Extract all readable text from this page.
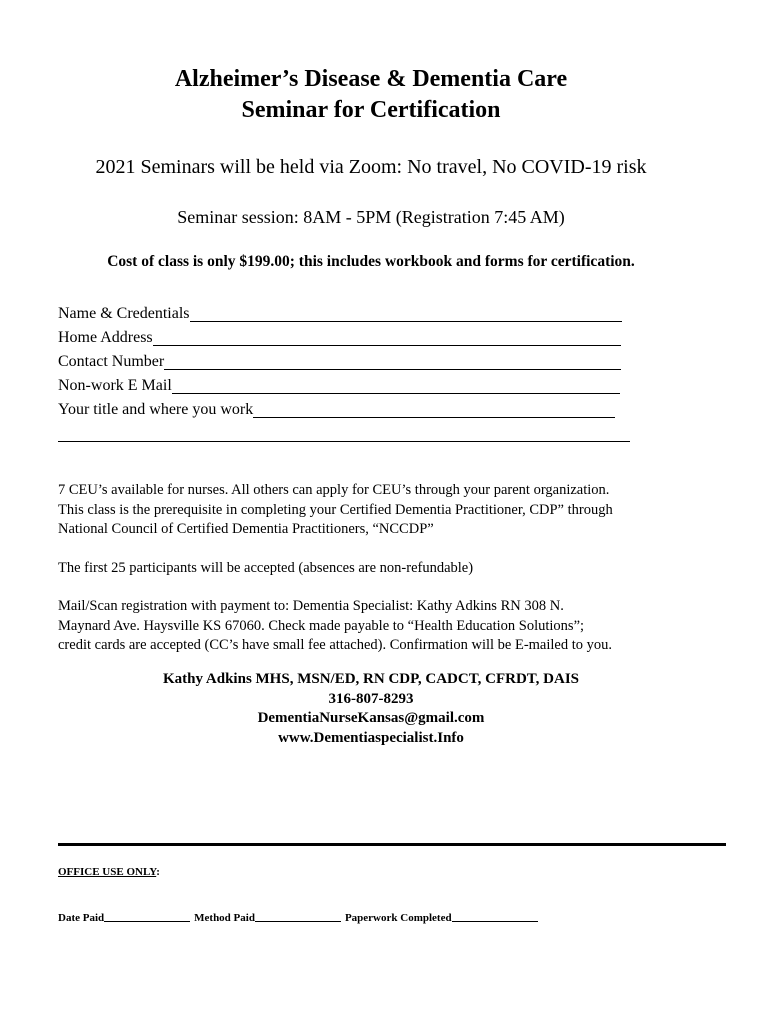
Alzheimer’s Disease & Dementia Care
Seminar for Certification
2021 Seminars will be held via Zoom: No travel, No COVID-19 risk
Seminar session: 8AM - 5PM (Registration 7:45 AM)
Cost of class is only $199.00; this includes workbook and forms for certification.
Name & Credentials
Home Address
Contact Number
Non-work E Mail
Your title and where you work
7 CEU’s available for nurses. All others can apply for CEU’s through your parent organization.
This class is the prerequisite in completing your Certified Dementia Practitioner, CDP” through
National Council of Certified Dementia Practitioners, “NCCDP”
The first 25 participants will be accepted (absences are non-refundable)
Mail/Scan registration with payment to: Dementia Specialist: Kathy Adkins RN 308 N.
Maynard Ave. Haysville KS 67060. Check made payable to “Health Education Solutions”;
credit cards are accepted (CC’s have small fee attached). Confirmation will be E-mailed to you.
Kathy Adkins MHS, MSN/ED, RN CDP, CADCT, CFRDT, DAIS
316-807-8293
DementiaNurseKansas@gmail.com
www.Dementiaspecialist.Info
OFFICE USE ONLY:
Date Paid	Method Paid	Paperwork Completed
